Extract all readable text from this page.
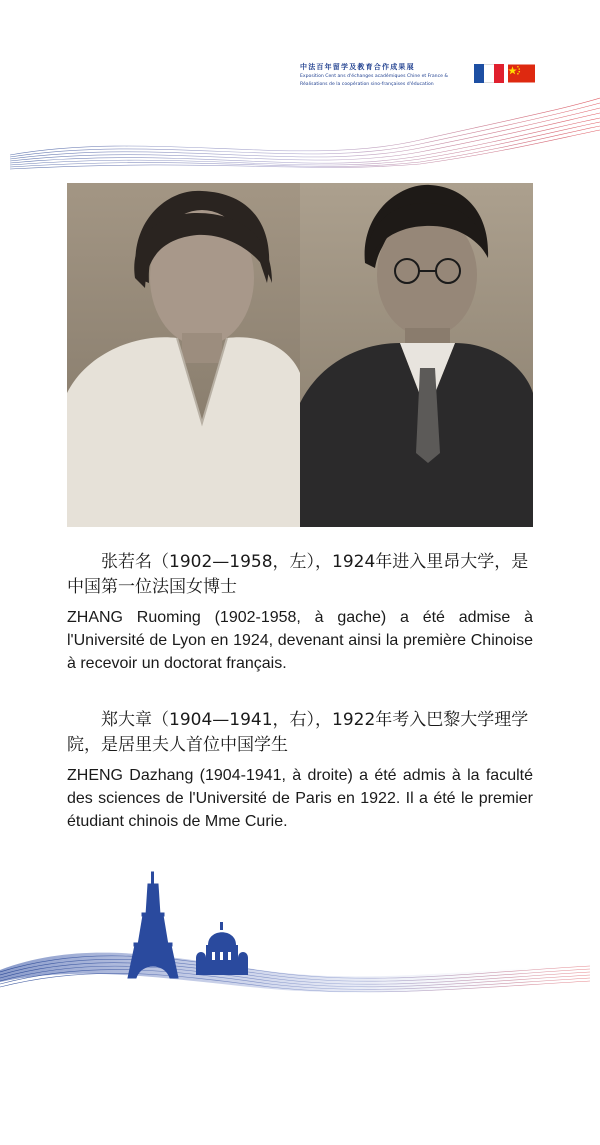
中法百年留学及教育合作成果展
Exposition Cent ans d'échanges académiques Chine et France &
Réalisations de la coopération sino-françaises d'éducation

张若名（1902—1958，左），1924年进入里昂大学，是中国第一位法国女博士

ZHANG Ruoming (1902-1958, à gache) a été admise à l'Université de Lyon en 1924, devenant ainsi la première Chinoise à recevoir un doctorat français.

郑大章（1904—1941，右），1922年考入巴黎大学理学院，是居里夫人首位中国学生

ZHENG Dazhang (1904-1941, à droite) a été admis à la faculté des sciences de l'Université de Paris en 1922. Il a été le premier étudiant chinois de Mme Curie.
